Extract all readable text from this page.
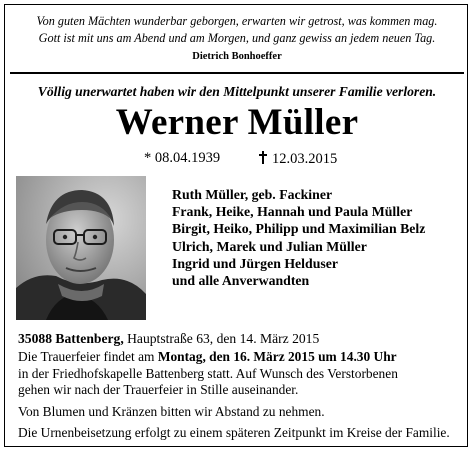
Von guten Mächten wunderbar geborgen, erwarten wir getrost, was kommen mag.
Gott ist mit uns am Abend und am Morgen, und ganz gewiss an jedem neuen Tag.
Dietrich Bonhoeffer
Völlig unerwartet haben wir den Mittelpunkt unserer Familie verloren.
Werner Müller
* 08.04.1939	12.03.2015
Ruth Müller, geb. Fackiner
Frank, Heike, Hannah und Paula Müller
Birgit, Heiko, Philipp und Maximilian Belz
Ulrich, Marek und Julian Müller
Ingrid und Jürgen Helduser
und alle Anverwandten
35088 Battenberg, Hauptstraße 63, den 14. März 2015

Die Trauerfeier findet am Montag, den 16. März 2015 um 14.30 Uhr

in der Friedhofskapelle Battenberg statt. Auf Wunsch des Verstorbenen

gehen wir nach der Trauerfeier in Stille auseinander.

Von Blumen und Kränzen bitten wir Abstand zu nehmen.

Die Urnenbeisetzung erfolgt zu einem späteren Zeitpunkt im Kreise der Familie.
